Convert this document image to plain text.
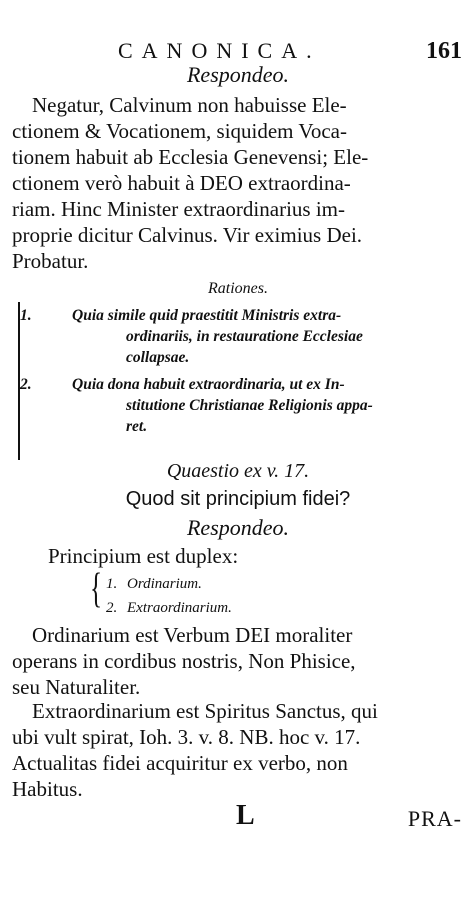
CANONICA.	161
Respondeo.
Negatur, Calvinum non habuisse Ele-
ctionem & Vocationem, siquidem Voca-
tionem habuit ab Ecclesia Genevensi; Ele-
ctionem verò habuit à DEO extraordina-
riam. Hinc Minister extraordinarius im-
proprie dicitur Calvinus. Vir eximius Dei.
Probatur.
Rationes.
1.	Quia simile quid praestitit Ministris extra-
ordinariis, in restauratione Ecclesiae
collapsae.
2.	Quia dona habuit extraordinaria, ut ex In-
stitutione Christianae Religionis appa-
ret.
Quaestio ex v. 17.
Quod sit principium fidei?
Respondeo.
Principium est duplex:
{ 1. Ordinarium.
2. Extraordinarium.
Ordinarium est Verbum DEI moraliter
operans in cordibus nostris, Non Phisice,
seu Naturaliter.
Extraordinarium est Spiritus Sanctus, qui
ubi vult spirat, Ioh. 3. v. 8. NB. hoc v. 17.
Actualitas fidei acquiritur ex verbo, non
Habitus.
L	PRA-
